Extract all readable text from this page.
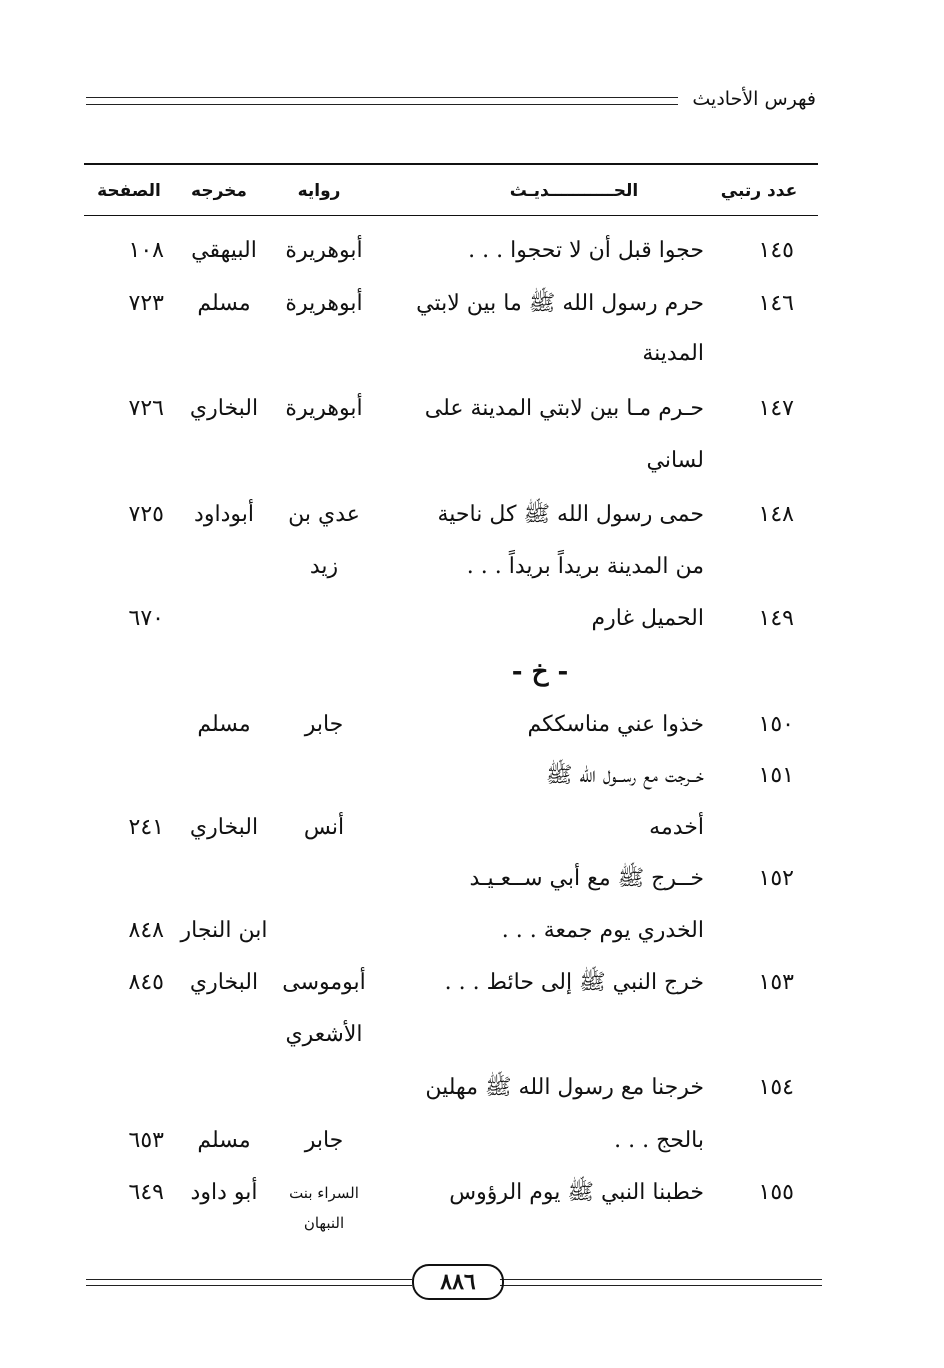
فهرس الأحاديث
عدد رتبي
الحـــــــــــديـث
روايه
مخرجه
الصفحة
١٤٥
حجوا قبل أن لا تحجوا . . .
أبوهريرة
البيهقي
١٠٨
١٤٦
حرم رسول الله ﷺ ما بين لابتي
المدينة
أبوهريرة
مسلم
٧٢٣
١٤٧
حـرم مـا بين لابتي المدينة على
لساني
أبوهريرة
البخاري
٧٢٦
١٤٨
حمى رسول الله ﷺ كل ناحية
من المدينة بريداً بريداً . . .
عدي بن
زيد
أبوداود
٧٢٥
١٤٩
الحميل غارم
٦٧٠
- خ -
١٥٠
خذوا عني مناسككم
جابر
مسلم
١٥١
خــرجت مع رســول الله ﷺ
أخدمه
أنس
البخاري
٢٤١
١٥٢
خــرج ﷺ مع أبي ســعـيـد
الخدري يوم جمعة . . .
ابن النجار
٨٤٨
١٥٣
خرج النبي ﷺ إلى حائط . . .
أبوموسى
الأشعري
البخاري
٨٤٥
١٥٤
خرجنا مع رسول الله ﷺ مهلين
بالحج . . .
جابر
مسلم
٦٥٣
١٥٥
خطبنا النبي ﷺ يوم الرؤوس
السراء بنت
النبهان
أبو داود
٦٤٩
٨٨٦
